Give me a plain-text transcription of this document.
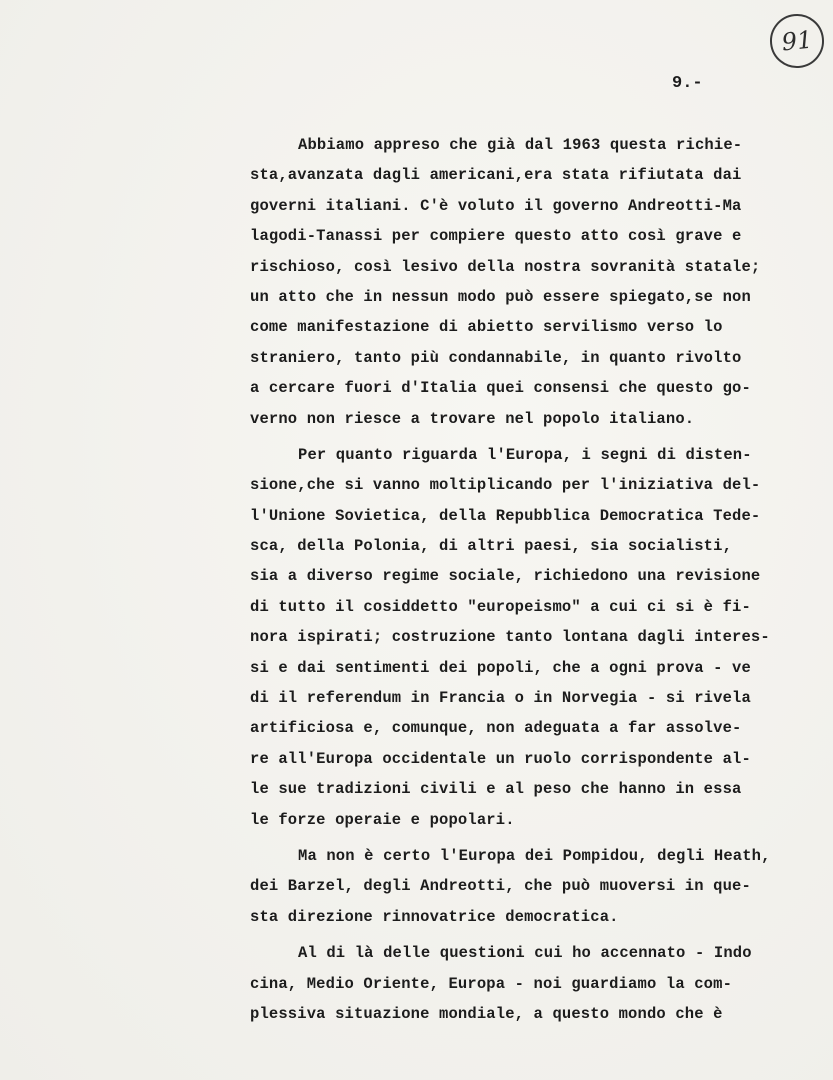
91
9.-
Abbiamo appreso che già dal 1963 questa richie-
sta,avanzata dagli americani,era stata rifiutata dai
governi italiani. C'è voluto il governo Andreotti-Ma
lagodi-Tanassi per compiere questo atto così grave e
rischioso, così lesivo della nostra sovranità statale;
un atto che in nessun modo può essere spiegato,se non
come manifestazione di abietto servilismo verso lo
straniero, tanto più condannabile, in quanto rivolto
a cercare fuori d'Italia quei consensi che questo go-
verno non riesce a trovare nel popolo italiano.
Per quanto riguarda l'Europa, i segni di disten-
sione,che si vanno moltiplicando per l'iniziativa del-
l'Unione Sovietica, della Repubblica Democratica Tede-
sca, della Polonia, di altri paesi, sia socialisti,
sia a diverso regime sociale, richiedono una revisione
di tutto il cosiddetto "europeismo" a cui ci si è fi-
nora ispirati; costruzione tanto lontana dagli interes-
si e dai sentimenti dei popoli, che a ogni prova - ve
di il referendum in Francia o in Norvegia - si rivela
artificiosa e, comunque, non adeguata a far assolve-
re all'Europa occidentale un ruolo corrispondente al-
le sue tradizioni civili e al peso che hanno in essa
le forze operaie e popolari.
Ma non è certo l'Europa dei Pompidou, degli Heath,
dei Barzel, degli Andreotti, che può muoversi in que-
sta direzione rinnovatrice democratica.
Al di là delle questioni cui ho accennato - Indo
cina, Medio Oriente, Europa - noi guardiamo la com-
plessiva situazione mondiale, a questo mondo che è
